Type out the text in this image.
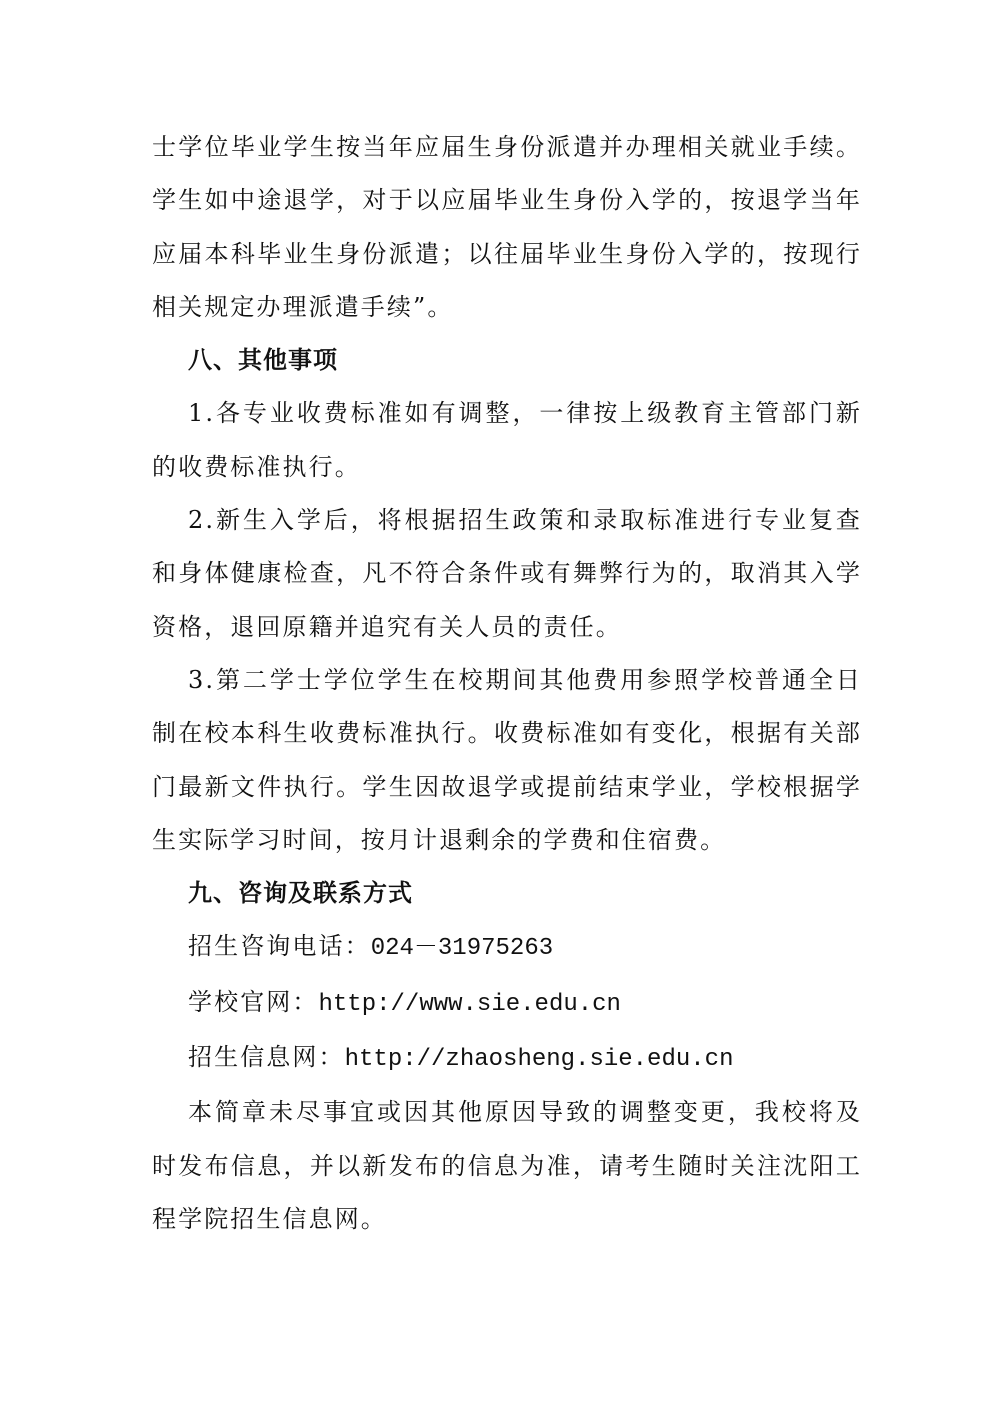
士学位毕业学生按当年应届生身份派遣并办理相关就业手续。学生如中途退学，对于以应届毕业生身份入学的，按退学当年应届本科毕业生身份派遣；以往届毕业生身份入学的，按现行相关规定办理派遣手续”。

八、其他事项

1.各专业收费标准如有调整，一律按上级教育主管部门新的收费标准执行。

2.新生入学后，将根据招生政策和录取标准进行专业复查和身体健康检查，凡不符合条件或有舞弊行为的，取消其入学资格，退回原籍并追究有关人员的责任。

3.第二学士学位学生在校期间其他费用参照学校普通全日制在校本科生收费标准执行。收费标准如有变化，根据有关部门最新文件执行。学生因故退学或提前结束学业，学校根据学生实际学习时间，按月计退剩余的学费和住宿费。

九、咨询及联系方式

招生咨询电话：024－31975263

学校官网：http://www.sie.edu.cn

招生信息网：http://zhaosheng.sie.edu.cn

本简章未尽事宜或因其他原因导致的调整变更，我校将及时发布信息，并以新发布的信息为准，请考生随时关注沈阳工程学院招生信息网。
